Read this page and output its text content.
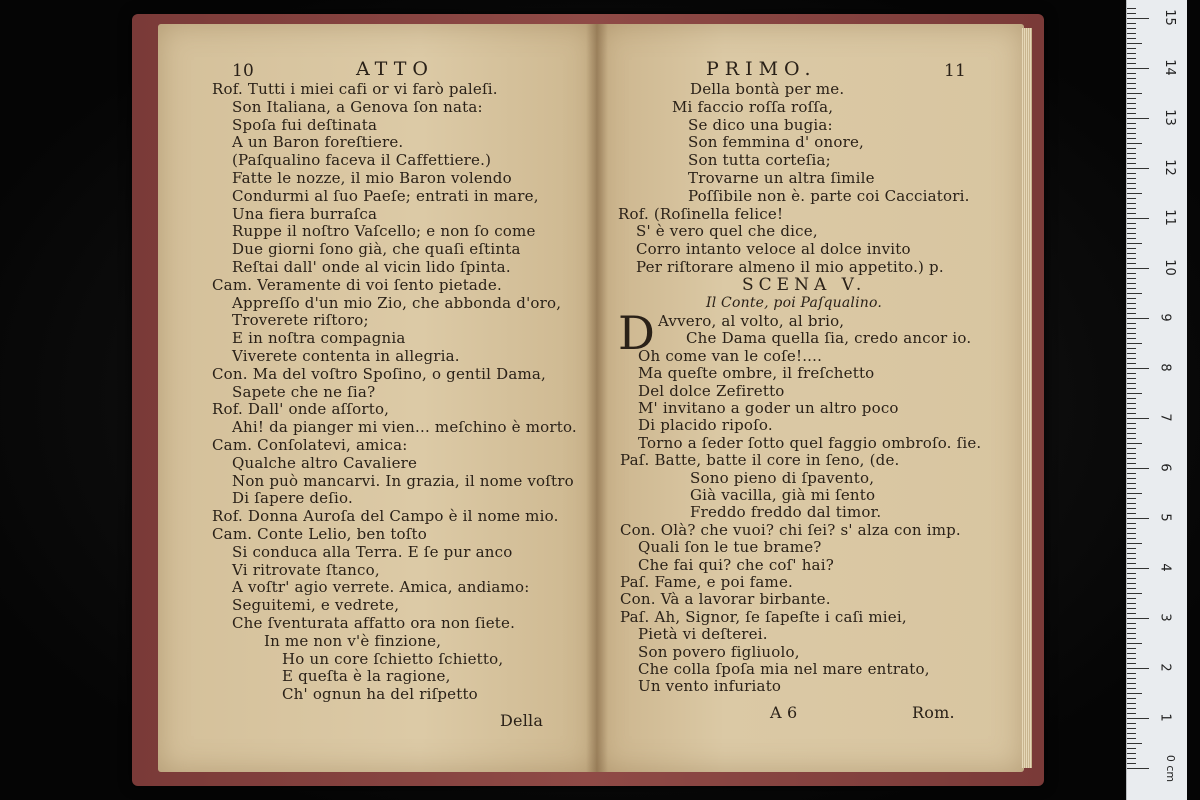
10	ATTO
Rof. Tutti i miei cafi or vi farò paleſi.
Son Italiana, a Genova ſon nata:
Spoſa fui deſtinata
A un Baron foreſtiere.
(Paſqualino faceva il Caffettiere.)
Fatte le nozze, il mio Baron volendo
Condurmi al ſuo Paeſe; entrati in mare,
Una fiera burraſca
Ruppe il noſtro Vaſcello; e non ſo come
Due giorni ſono già, che quaſi eſtinta
Reſtai dall' onde al vicin lido ſpinta.
Cam. Veramente di voi ſento pietade.
Appreſſo d'un mio Zio, che abbonda d'oro,
Troverete riſtoro;
E in noſtra compagnia
Viverete contenta in allegria.
Con. Ma del voſtro Spoſino, o gentil Dama,
Sapete che ne ſia?
Rof. Dall' onde aſſorto,
Ahi! da pianger mi vien... meſchino è morto.
Cam. Conſolatevi, amica:
Qualche altro Cavaliere
Non può mancarvi. In grazia, il nome voſtro
Di ſapere deſio.
Rof. Donna Auroſa del Campo è il nome mio.
Cam. Conte Lelio, ben toſto
Si conduca alla Terra. E ſe pur anco
Vi ritrovate ſtanco,
A voſtr' agio verrete. Amica, andiamo:
Seguitemi, e vedrete,
Che ſventurata affatto ora non ſiete.
In me non v'è finzione,
Ho un core ſchietto ſchietto,
E queſta è la ragione,
Ch' ognun ha del riſpetto
Della
PRIMO.	11
Della bontà per me.
Mi faccio roſſa roſſa,
Se dico una bugia:
Son femmina d' onore,
Son tutta corteſia;
Trovarne un altra ſimile
Poſſibile non è. parte coi Cacciatori.
Rof. (Roſinella felice!
S' è vero quel che dice,
Corro intanto veloce al dolce invito
Per riſtorare almeno il mio appetito.) p.
SCENA V.
Il Conte, poi Paſqualino.
D Avvero, al volto, al brio,
Che Dama quella ſia, credo ancor io.
Oh come van le coſe!....
Ma queſte ombre, il freſchetto
Del dolce Zefiretto
M' invitano a goder un altro poco
Di placido ripoſo.
Torno a ſeder ſotto quel faggio ombroſo. ſie.
Paſ. Batte, batte il core in ſeno, (de.
Sono pieno di ſpavento,
Già vacilla, già mi ſento
Freddo freddo dal timor.
Con. Olà? che vuoi? chi ſei? s' alza con imp.
Quali ſon le tue brame?
Che fai qui? che coſ' hai?
Paſ. Fame, e poi fame.
Con. Và a lavorar birbante.
Paſ. Ah, Signor, ſe ſapeſte i caſi miei,
Pietà vi deſterei.
Son povero figliuolo,
Che colla ſpoſa mia nel mare entrato,
Un vento infuriato
A 6	Rom.	1
2
3
4
5
6
7
8
9
10
11
12
13
14
15
0 cm
